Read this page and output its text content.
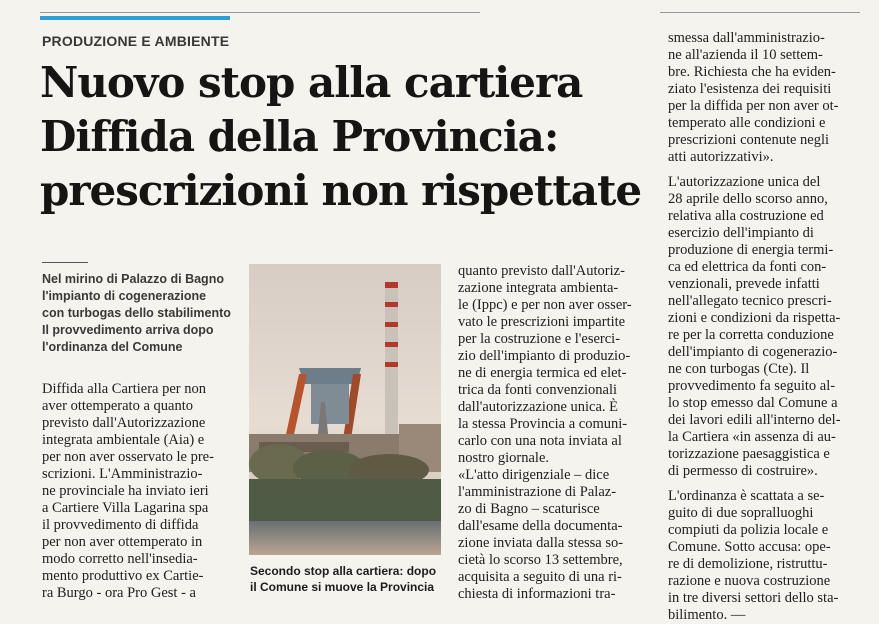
PRODUZIONE E AMBIENTE
Nuovo stop alla cartiera
Diffida della Provincia:
prescrizioni non rispettate
Nel mirino di Palazzo di Bagno
l'impianto di cogenerazione
con turbogas dello stabilimento
Il provvedimento arriva dopo
l'ordinanza del Comune
Diffida alla Cartiera per non
aver ottemperato a quanto
previsto dall'Autorizzazione
integrata ambientale (Aia) e
per non aver osservato le pre-
scrizioni. L'Amministrazio-
ne provinciale ha inviato ieri
a Cartiere Villa Lagarina spa
il provvedimento di diffida
per non aver ottemperato in
modo corretto nell'insedia-
mento produttivo ex Cartie-
ra Burgo - ora Pro Gest - a
Secondo stop alla cartiera: dopo
il Comune si muove la Provincia
quanto previsto dall'Autoriz-
zazione integrata ambienta-
le (Ippc) e per non aver osser-
vato le prescrizioni impartite
per la costruzione e l'eserci-
zio dell'impianto di produzio-
ne di energia termica ed elet-
trica da fonti convenzionali
dall'autorizzazione unica. È
la stessa Provincia a comuni-
carlo con una nota inviata al
nostro giornale.
«L'atto dirigenziale – dice
l'amministrazione di Palaz-
zo di Bagno – scaturisce
dall'esame della documenta-
zione inviata dalla stessa so-
cietà lo scorso 13 settembre,
acquisita a seguito di una ri-
chiesta di informazioni tra-
smessa dall'amministrazio-
ne all'azienda il 10 settem-
bre. Richiesta che ha eviden-
ziato l'esistenza dei requisiti
per la diffida per non aver ot-
temperato alle condizioni e
prescrizioni contenute negli
atti autorizzativi».
L'autorizzazione unica del
28 aprile dello scorso anno,
relativa alla costruzione ed
esercizio dell'impianto di
produzione di energia termi-
ca ed elettrica da fonti con-
venzionali, prevede infatti
nell'allegato tecnico prescri-
zioni e condizioni da rispetta-
re per la corretta conduzione
dell'impianto di cogenerazio-
ne con turbogas (Cte). Il
provvedimento fa seguito al-
lo stop emesso dal Comune a
dei lavori edili all'interno del-
la Cartiera «in assenza di au-
torizzazione paesaggistica e
di permesso di costruire».
L'ordinanza è scattata a se-
guito di due sopralluoghi
compiuti da polizia locale e
Comune. Sotto accusa: ope-
re di demolizione, ristruttu-
razione e nuova costruzione
in tre diversi settori dello sta-
bilimento. —
